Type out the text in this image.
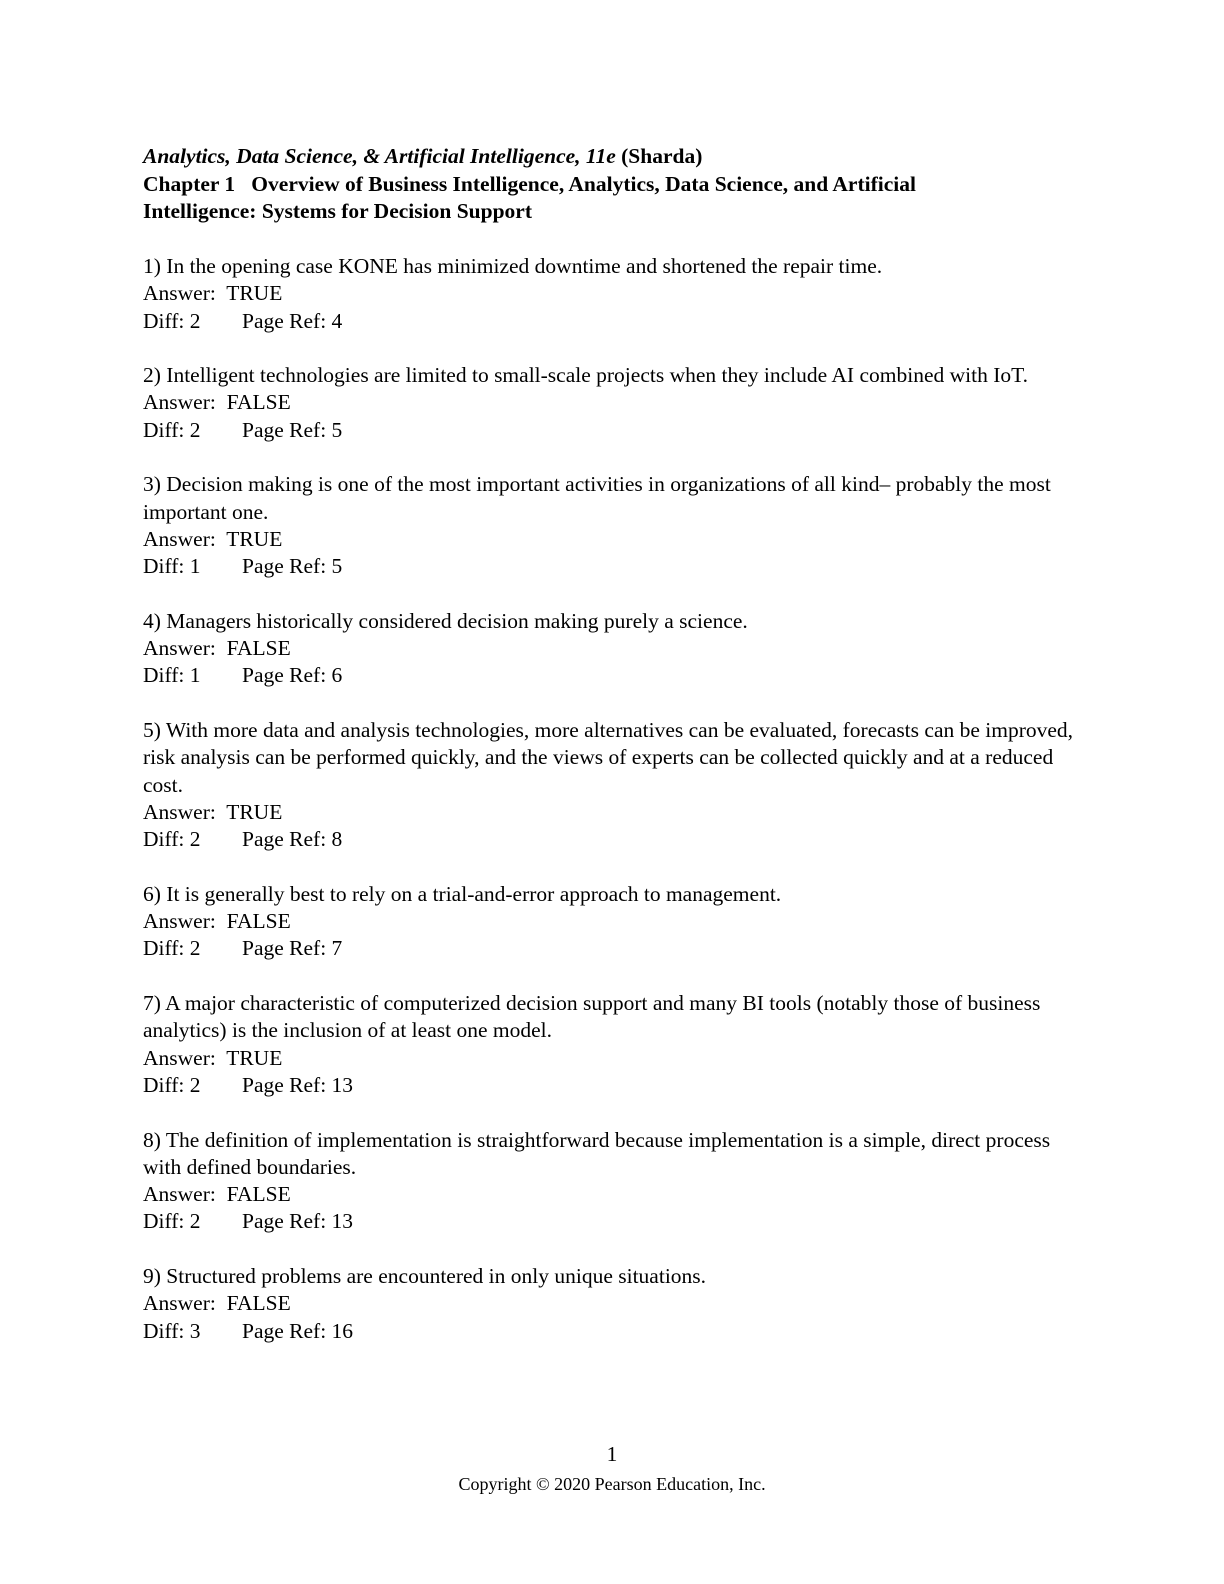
Analytics, Data Science, & Artificial Intelligence, 11e (Sharda)
Chapter 1   Overview of Business Intelligence, Analytics, Data Science, and Artificial
Intelligence: Systems for Decision Support

1) In the opening case KONE has minimized downtime and shortened the repair time.

Answer:  TRUE

Diff: 2 Page Ref: 4

2) Intelligent technologies are limited to small-scale projects when they include AI combined with IoT.

Answer:  FALSE

Diff: 2 Page Ref: 5

3) Decision making is one of the most important activities in organizations of all kind– probably the most important one.

Answer:  TRUE

Diff: 1 Page Ref: 5

4) Managers historically considered decision making purely a science.

Answer:  FALSE

Diff: 1 Page Ref: 6

5) With more data and analysis technologies, more alternatives can be evaluated, forecasts can be improved, risk analysis can be performed quickly, and the views of experts can be collected quickly and at a reduced cost.

Answer:  TRUE

Diff: 2 Page Ref: 8

6) It is generally best to rely on a trial-and-error approach to management.

Answer:  FALSE

Diff: 2 Page Ref: 7

7) A major characteristic of computerized decision support and many BI tools (notably those of business analytics) is the inclusion of at least one model.

Answer:  TRUE

Diff: 2 Page Ref: 13

8) The definition of implementation is straightforward because implementation is a simple, direct process with defined boundaries.

Answer:  FALSE

Diff: 2 Page Ref: 13

9) Structured problems are encountered in only unique situations.

Answer:  FALSE

Diff: 3 Page Ref: 16

1
Copyright © 2020 Pearson Education, Inc.
